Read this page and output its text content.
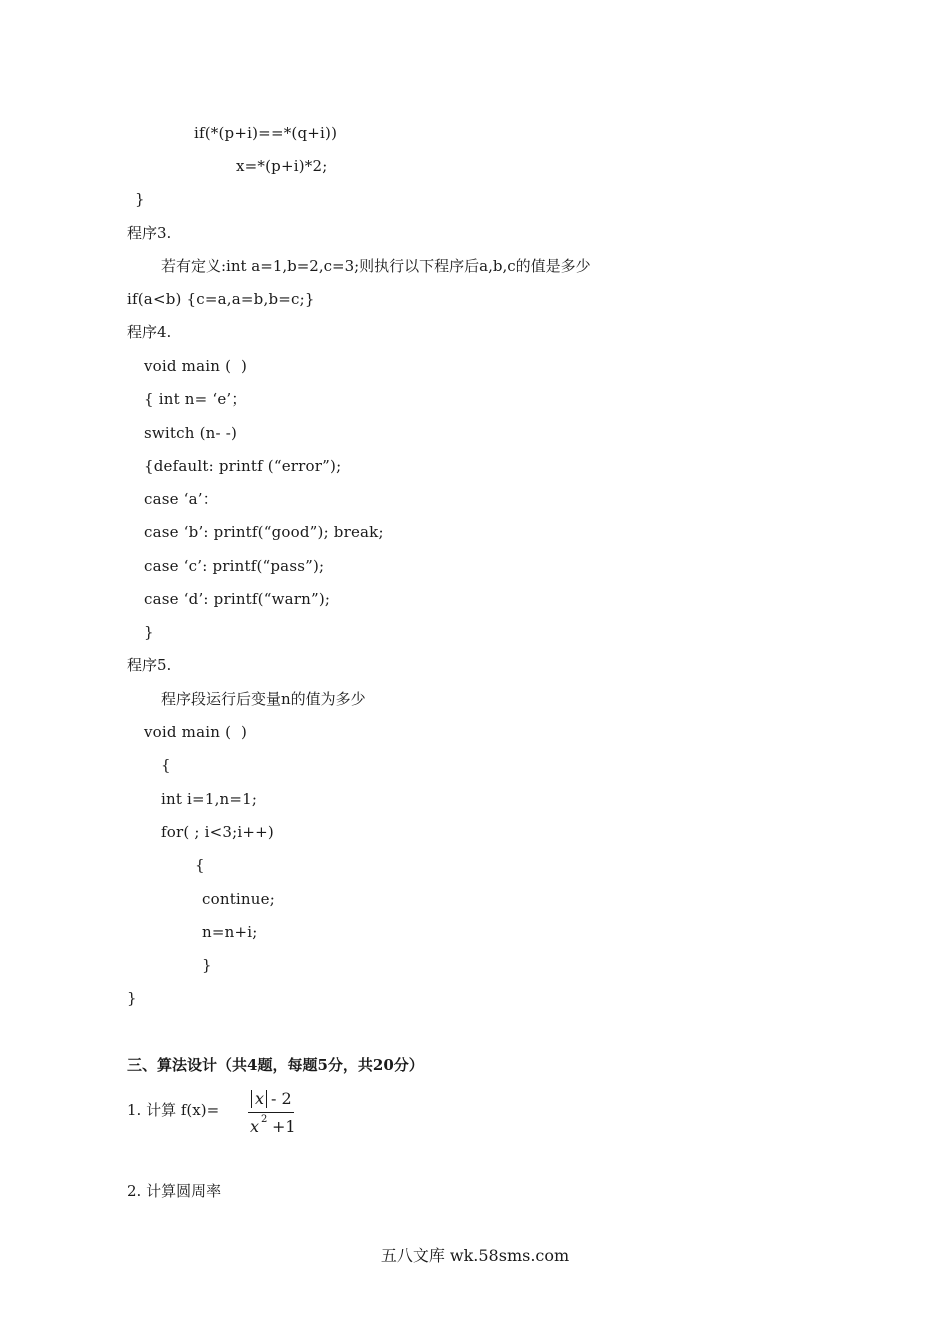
if(*(p+i)==*(q+i))
x=*(p+i)*2;
}
程序3.
若有定义:int a=1,b=2,c=3;则执行以下程序后a,b,c的值是多少
if(a<b) {c=a,a=b,b=c;}
程序4.
void main (  )
{ int n= ‘e’；
switch (n- -)
{default: printf (“error”);
case ‘a’：
case ‘b’: printf(“good”); break;
case ‘c’: printf(“pass”);
case ‘d’: printf(“warn”);
}
程序5.
程序段运行后变量n的值为多少
void main (  )
{
int i=1,n=1;
for( ; i<3;i++)
{
continue;
n=n+i;
}
}
三、算法设计（共4题，每题5分，共20分）
1. 计算 f(x)=
x - 2
x 2 +1
2. 计算圆周率
五八文库 wk.58sms.com
